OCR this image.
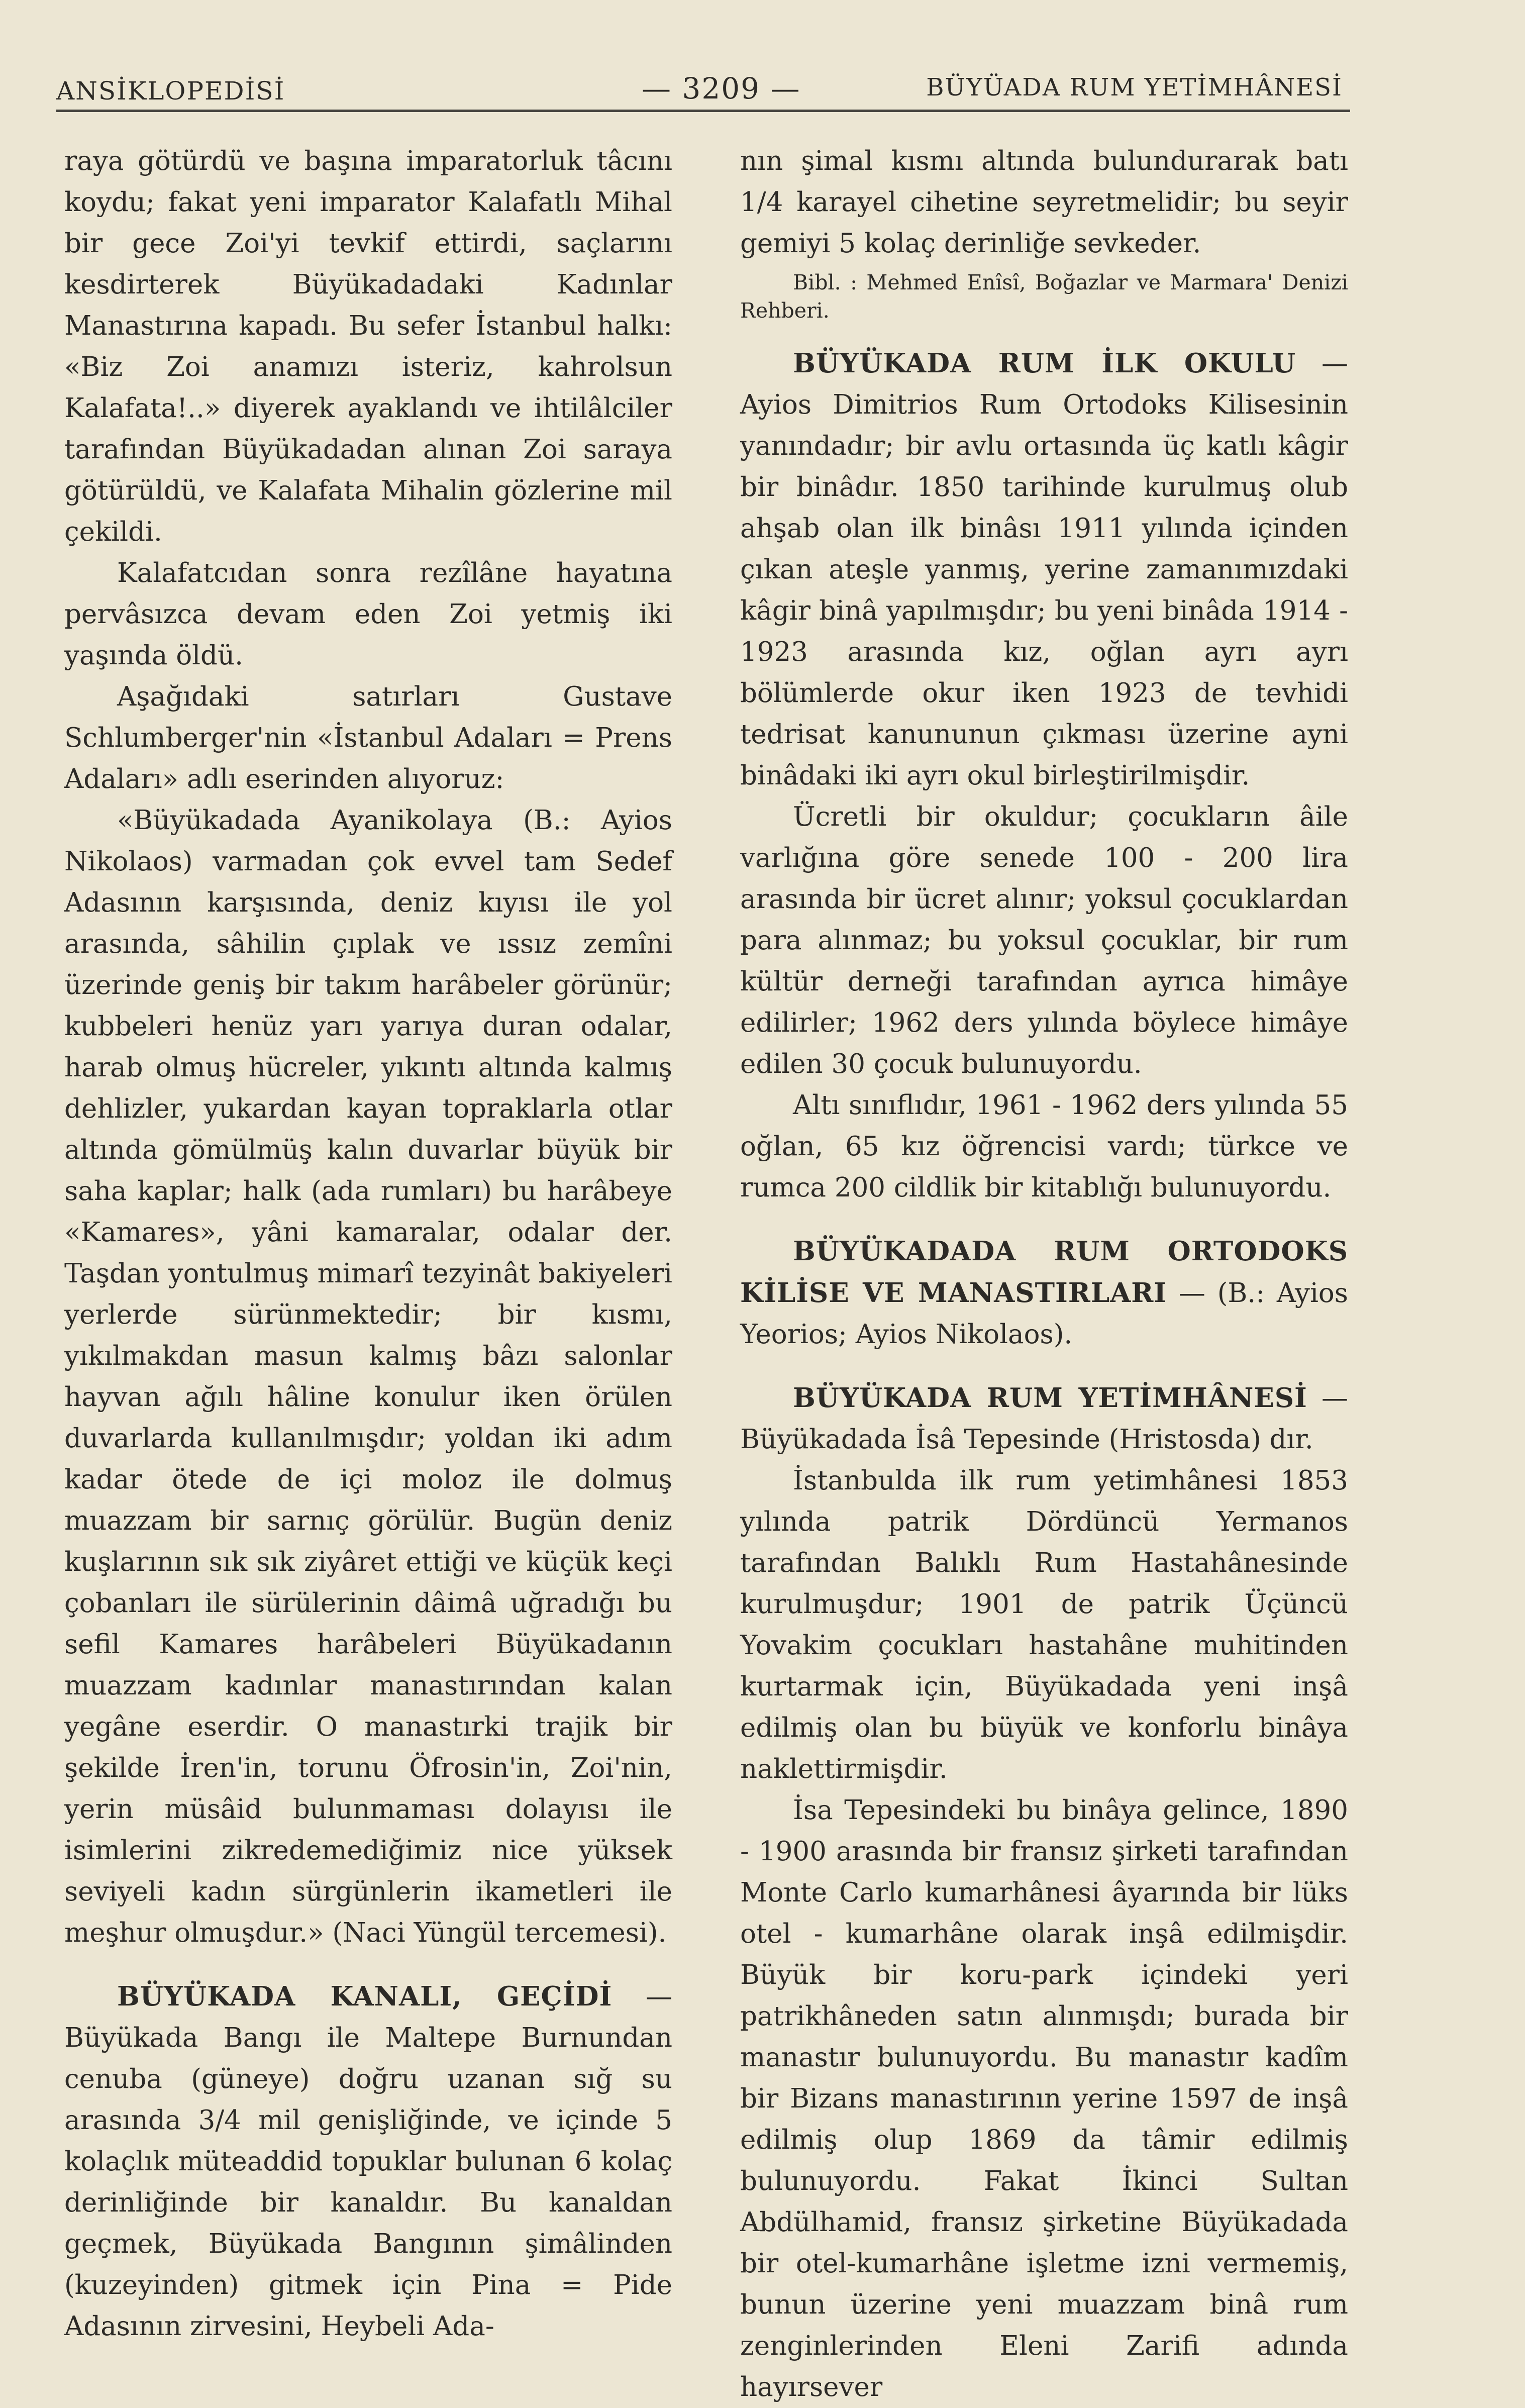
ANSİKLOPEDİSİ	— 3209 —	BÜYÜADA RUM YETİMHÂNESİ

raya götürdü ve başına imparatorluk tâcını koydu; fakat yeni imparator Kalafatlı Mihal bir gece Zoi'yi tevkif ettirdi, saçlarını kesdirterek Büyükadadaki Kadınlar Manastırına kapadı. Bu sefer İstanbul halkı: «Biz Zoi anamızı isteriz, kahrolsun Kalafata!..» diyerek ayaklandı ve ihtilâlciler tarafından Büyükadadan alınan Zoi saraya götürüldü, ve Kalafata Mihalin gözlerine mil çekildi.

Kalafatcıdan sonra rezîlâne hayatına pervâsızca devam eden Zoi yetmiş iki yaşında öldü.

Aşağıdaki satırları Gustave Schlumberger'nin «İstanbul Adaları = Prens Adaları» adlı eserinden alıyoruz:

«Büyükadada Ayanikolaya (B.: Ayios Nikolaos) varmadan çok evvel tam Sedef Adasının karşısında, deniz kıyısı ile yol arasında, sâhilin çıplak ve ıssız zemîni üzerinde geniş bir takım harâbeler görünür; kubbeleri henüz yarı yarıya duran odalar, harab olmuş hücreler, yıkıntı altında kalmış dehlizler, yukardan kayan topraklarla otlar altında gömülmüş kalın duvarlar büyük bir saha kaplar; halk (ada rumları) bu harâbeye «Kamares», yâni kamaralar, odalar der. Taşdan yontulmuş mimarî tezyinât bakiyeleri yerlerde sürünmektedir; bir kısmı, yıkılmakdan masun kalmış bâzı salonlar hayvan ağılı hâline konulur iken örülen duvarlarda kullanılmışdır; yoldan iki adım kadar ötede de içi moloz ile dolmuş muazzam bir sarnıç görülür. Bugün deniz kuşlarının sık sık ziyâret ettiği ve küçük keçi çobanları ile sürülerinin dâimâ uğradığı bu sefil Kamares harâbeleri Büyükadanın muazzam kadınlar manastırından kalan yegâne eserdir. O manastırki trajik bir şekilde İren'in, torunu Öfrosin'in, Zoi'nin, yerin müsâid bulunmaması dolayısı ile isimlerini zikredemediğimiz nice yüksek seviyeli kadın sürgünlerin ikametleri ile meşhur olmuşdur.» (Naci Yüngül tercemesi).

BÜYÜKADA KANALI, GEÇİDİ — Büyükada Bangı ile Maltepe Burnundan cenuba (güneye) doğru uzanan sığ su arasında 3/4 mil genişliğinde, ve içinde 5 kolaçlık müteaddid topuklar bulunan 6 kolaç derinliğinde bir kanaldır. Bu kanaldan geçmek, Büyükada Bangının şimâlinden (kuzeyinden) gitmek için Pina = Pide Adasının zirvesini, Heybeli Ada-

nın şimal kısmı altında bulundurarak batı 1/4 karayel cihetine seyretmelidir; bu seyir gemiyi 5 kolaç derinliğe sevkeder.

Bibl. : Mehmed Enîsî, Boğazlar ve Marmara' Denizi Rehberi.

BÜYÜKADA RUM İLK OKULU — Ayios Dimitrios Rum Ortodoks Kilisesinin yanındadır; bir avlu ortasında üç katlı kâgir bir binâdır. 1850 tarihinde kurulmuş olub ahşab olan ilk binâsı 1911 yılında içinden çıkan ateşle yanmış, yerine zamanımızdaki kâgir binâ yapılmışdır; bu yeni binâda 1914 - 1923 arasında kız, oğlan ayrı ayrı bölümlerde okur iken 1923 de tevhidi tedrisat kanununun çıkması üzerine ayni binâdaki iki ayrı okul birleştirilmişdir.

Ücretli bir okuldur; çocukların âile varlığına göre senede 100 - 200 lira arasında bir ücret alınır; yoksul çocuklardan para alınmaz; bu yoksul çocuklar, bir rum kültür derneği tarafından ayrıca himâye edilirler; 1962 ders yılında böylece himâye edilen 30 çocuk bulunuyordu.

Altı sınıflıdır, 1961 - 1962 ders yılında 55 oğlan, 65 kız öğrencisi vardı; türkce ve rumca 200 cildlik bir kitablığı bulunuyordu.

BÜYÜKADADA RUM ORTODOKS KİLİSE VE MANASTIRLARI — (B.: Ayios Yeorios; Ayios Nikolaos).

BÜYÜKADA RUM YETİMHÂNESİ — Büyükadada İsâ Tepesinde (Hristosda) dır.

İstanbulda ilk rum yetimhânesi 1853 yılında patrik Dördüncü Yermanos tarafından Balıklı Rum Hastahânesinde kurulmuşdur; 1901 de patrik Üçüncü Yovakim çocukları hastahâne muhitinden kurtarmak için, Büyükadada yeni inşâ edilmiş olan bu büyük ve konforlu binâya naklettirmişdir.

İsa Tepesindeki bu binâya gelince, 1890 - 1900 arasında bir fransız şirketi tarafından Monte Carlo kumarhânesi âyarında bir lüks otel - kumarhâne olarak inşâ edilmişdir. Büyük bir koru-park içindeki yeri patrikhâneden satın alınmışdı; burada bir manastır bulunuyordu. Bu manastır kadîm bir Bizans manastırının yerine 1597 de inşâ edilmiş olup 1869 da tâmir edilmiş bulunuyordu. Fakat İkinci Sultan Abdülhamid, fransız şirketine Büyükadada bir otel-kumarhâne işletme izni vermemiş, bunun üzerine yeni muazzam binâ rum zenginlerinden Eleni Zarifi adında hayırsever
